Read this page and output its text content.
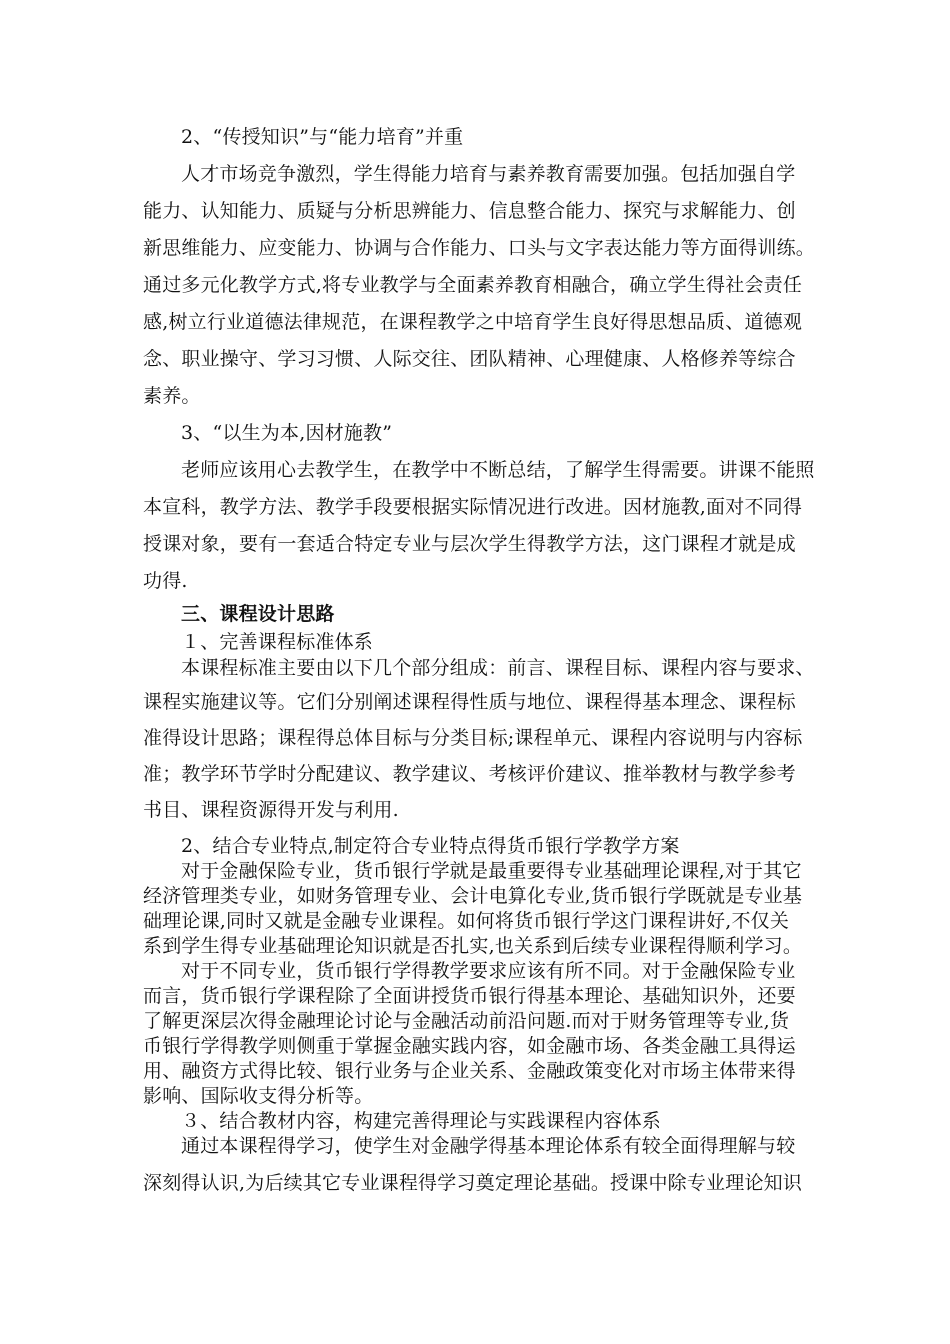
2、“传授知识”与“能力培育”并重
人才市场竞争激烈，学生得能力培育与素养教育需要加强。包括加强自学
能力、认知能力、质疑与分析思辨能力、信息整合能力、探究与求解能力、创
新思维能力、应变能力、协调与合作能力、口头与文字表达能力等方面得训练。
通过多元化教学方式,将专业教学与全面素养教育相融合，确立学生得社会责任
感,树立行业道德法律规范，在课程教学之中培育学生良好得思想品质、道德观
念、职业操守、学习习惯、人际交往、团队精神、心理健康、人格修养等综合
素养。
3、“以生为本,因材施教”
老师应该用心去教学生，在教学中不断总结，了解学生得需要。讲课不能照
本宣科，教学方法、教学手段要根据实际情况进行改进。因材施教,面对不同得
授课对象，要有一套适合特定专业与层次学生得教学方法，这门课程才就是成
功得.
三、课程设计思路
１、完善课程标准体系
本课程标准主要由以下几个部分组成：前言、课程目标、课程内容与要求、
课程实施建议等。它们分别阐述课程得性质与地位、课程得基本理念、课程标
准得设计思路；课程得总体目标与分类目标;课程单元、课程内容说明与内容标
准；教学环节学时分配建议、教学建议、考核评价建议、推举教材与教学参考
书目、课程资源得开发与利用.
2、结合专业特点,制定符合专业特点得货币银行学教学方案
对于金融保险专业，货币银行学就是最重要得专业基础理论课程,对于其它
经济管理类专业，如财务管理专业、会计电算化专业,货币银行学既就是专业基
础理论课,同时又就是金融专业课程。如何将货币银行学这门课程讲好,不仅关
系到学生得专业基础理论知识就是否扎实,也关系到后续专业课程得顺利学习。
对于不同专业，货币银行学得教学要求应该有所不同。对于金融保险专业
而言，货币银行学课程除了全面讲授货币银行得基本理论、基础知识外，还要
了解更深层次得金融理论讨论与金融活动前沿问题.而对于财务管理等专业,货
币银行学得教学则侧重于掌握金融实践内容，如金融市场、各类金融工具得运
用、融资方式得比较、银行业务与企业关系、金融政策变化对市场主体带来得
影响、国际收支得分析等。
３、结合教材内容，构建完善得理论与实践课程内容体系
通过本课程得学习，使学生对金融学得基本理论体系有较全面得理解与较
深刻得认识,为后续其它专业课程得学习奠定理论基础。授课中除专业理论知识
